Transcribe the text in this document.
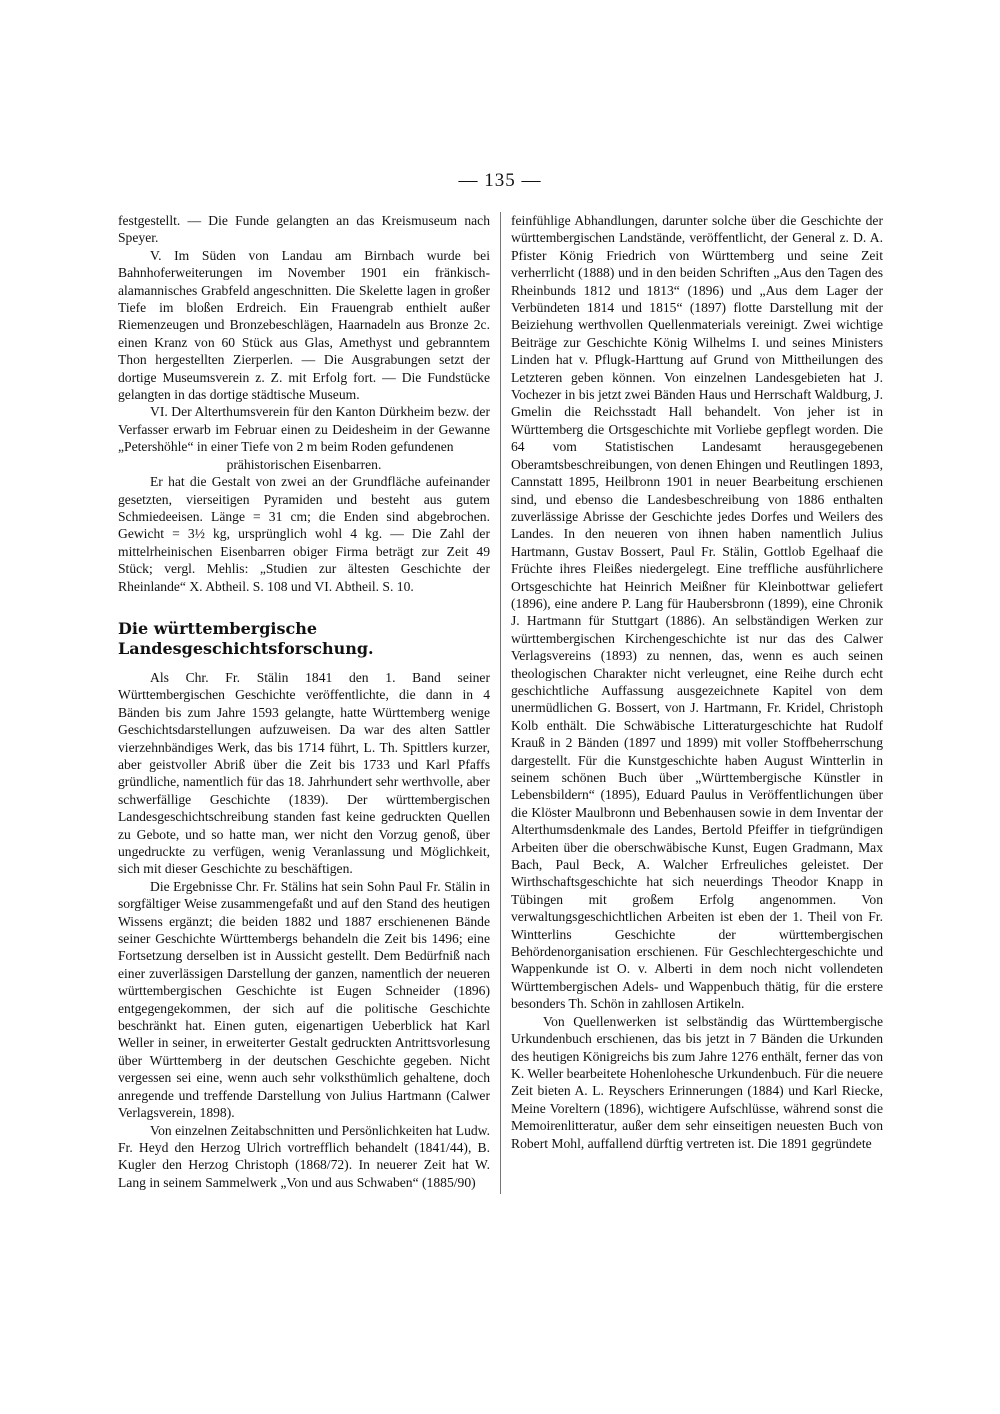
— 135 —

festgestellt. — Die Funde gelangten an das Kreismuseum nach Speyer.

V. Im Süden von Landau am Birnbach wurde bei Bahnhoferweiterungen im November 1901 ein fränkisch-alamannisches Grabfeld angeschnitten. Die Skelette lagen in großer Tiefe im bloßen Erdreich. Ein Frauengrab enthielt außer Riemenzeugen und Bronzebeschlägen, Haarnadeln aus Bronze 2c. einen Kranz von 60 Stück aus Glas, Amethyst und gebranntem Thon hergestellten Zierperlen. — Die Ausgrabungen setzt der dortige Museumsverein z. Z. mit Erfolg fort. — Die Fundstücke gelangten in das dortige städtische Museum.

VI. Der Alterthumsverein für den Kanton Dürkheim bezw. der Verfasser erwarb im Februar einen zu Deidesheim in der Gewanne „Petershöhle“ in einer Tiefe von 2 m beim Roden gefundenen

prähistorischen Eisenbarren.

Er hat die Gestalt von zwei an der Grundfläche aufeinander gesetzten, vierseitigen Pyramiden und besteht aus gutem Schmiedeeisen. Länge = 31 cm; die Enden sind abgebrochen. Gewicht = 3½ kg, ursprünglich wohl 4 kg. — Die Zahl der mittelrheinischen Eisenbarren obiger Firma beträgt zur Zeit 49 Stück; vergl. Mehlis: „Studien zur ältesten Geschichte der Rheinlande“ X. Abtheil. S. 108 und VI. Abtheil. S. 10.

Die württembergische Landesgeschichtsforschung.

Als Chr. Fr. Stälin 1841 den 1. Band seiner Württembergischen Geschichte veröffentlichte, die dann in 4 Bänden bis zum Jahre 1593 gelangte, hatte Württemberg wenige Geschichtsdarstellungen aufzuweisen. Da war des alten Sattler vierzehnbändiges Werk, das bis 1714 führt, L. Th. Spittlers kurzer, aber geistvoller Abriß über die Zeit bis 1733 und Karl Pfaffs gründliche, namentlich für das 18. Jahrhundert sehr werthvolle, aber schwerfällige Geschichte (1839). Der württembergischen Landesgeschichtschreibung standen fast keine gedruckten Quellen zu Gebote, und so hatte man, wer nicht den Vorzug genoß, über ungedruckte zu verfügen, wenig Veranlassung und Möglichkeit, sich mit dieser Geschichte zu beschäftigen.

Die Ergebnisse Chr. Fr. Stälins hat sein Sohn Paul Fr. Stälin in sorgfältiger Weise zusammengefaßt und auf den Stand des heutigen Wissens ergänzt; die beiden 1882 und 1887 erschienenen Bände seiner Geschichte Württembergs behandeln die Zeit bis 1496; eine Fortsetzung derselben ist in Aussicht gestellt. Dem Bedürfniß nach einer zuverlässigen Darstellung der ganzen, namentlich der neueren württembergischen Geschichte ist Eugen Schneider (1896) entgegengekommen, der sich auf die politische Geschichte beschränkt hat. Einen guten, eigenartigen Ueberblick hat Karl Weller in seiner, in erweiterter Gestalt gedruckten Antrittsvorlesung über Württemberg in der deutschen Geschichte gegeben. Nicht vergessen sei eine, wenn auch sehr volksthümlich gehaltene, doch anregende und treffende Darstellung von Julius Hartmann (Calwer Verlagsverein, 1898).

Von einzelnen Zeitabschnitten und Persönlichkeiten hat Ludw. Fr. Heyd den Herzog Ulrich vortrefflich behandelt (1841/44), B. Kugler den Herzog Christoph (1868/72). In neuerer Zeit hat W. Lang in seinem Sammelwerk „Von und aus Schwaben“ (1885/90)

feinfühlige Abhandlungen, darunter solche über die Geschichte der württembergischen Landstände, veröffentlicht, der General z. D. A. Pfister König Friedrich von Württemberg und seine Zeit verherrlicht (1888) und in den beiden Schriften „Aus den Tagen des Rheinbunds 1812 und 1813“ (1896) und „Aus dem Lager der Verbündeten 1814 und 1815“ (1897) flotte Darstellung mit der Beiziehung werthvollen Quellenmaterials vereinigt. Zwei wichtige Beiträge zur Geschichte König Wilhelms I. und seines Ministers Linden hat v. Pflugk-Harttung auf Grund von Mittheilungen des Letzteren geben können. Von einzelnen Landesgebieten hat J. Vochezer in bis jetzt zwei Bänden Haus und Herrschaft Waldburg, J. Gmelin die Reichsstadt Hall behandelt. Von jeher ist in Württemberg die Ortsgeschichte mit Vorliebe gepflegt worden. Die 64 vom Statistischen Landesamt herausgegebenen Oberamtsbeschreibungen, von denen Ehingen und Reutlingen 1893, Cannstatt 1895, Heilbronn 1901 in neuer Bearbeitung erschienen sind, und ebenso die Landesbeschreibung von 1886 enthalten zuverlässige Abrisse der Geschichte jedes Dorfes und Weilers des Landes. In den neueren von ihnen haben namentlich Julius Hartmann, Gustav Bossert, Paul Fr. Stälin, Gottlob Egelhaaf die Früchte ihres Fleißes niedergelegt. Eine treffliche ausführlichere Ortsgeschichte hat Heinrich Meißner für Kleinbottwar geliefert (1896), eine andere P. Lang für Haubersbronn (1899), eine Chronik J. Hartmann für Stuttgart (1886). An selbständigen Werken zur württembergischen Kirchengeschichte ist nur das des Calwer Verlagsvereins (1893) zu nennen, das, wenn es auch seinen theologischen Charakter nicht verleugnet, eine Reihe durch echt geschichtliche Auffassung ausgezeichnete Kapitel von dem unermüdlichen G. Bossert, von J. Hartmann, Fr. Kridel, Christoph Kolb enthält. Die Schwäbische Litteraturgeschichte hat Rudolf Krauß in 2 Bänden (1897 und 1899) mit voller Stoffbeherrschung dargestellt. Für die Kunstgeschichte haben August Wintterlin in seinem schönen Buch über „Württembergische Künstler in Lebensbildern“ (1895), Eduard Paulus in Veröffentlichungen über die Klöster Maulbronn und Bebenhausen sowie in dem Inventar der Alterthumsdenkmale des Landes, Bertold Pfeiffer in tiefgründigen Arbeiten über die oberschwäbische Kunst, Eugen Gradmann, Max Bach, Paul Beck, A. Walcher Erfreuliches geleistet. Der Wirthschaftsgeschichte hat sich neuerdings Theodor Knapp in Tübingen mit großem Erfolg angenommen. Von verwaltungsgeschichtlichen Arbeiten ist eben der 1. Theil von Fr. Wintterlins Geschichte der württembergischen Behördenorganisation erschienen. Für Geschlechtergeschichte und Wappenkunde ist O. v. Alberti in dem noch nicht vollendeten Württembergischen Adels- und Wappenbuch thätig, für die erstere besonders Th. Schön in zahllosen Artikeln.

Von Quellenwerken ist selbständig das Württembergische Urkundenbuch erschienen, das bis jetzt in 7 Bänden die Urkunden des heutigen Königreichs bis zum Jahre 1276 enthält, ferner das von K. Weller bearbeitete Hohenlohesche Urkundenbuch. Für die neuere Zeit bieten A. L. Reyschers Erinnerungen (1884) und Karl Riecke, Meine Voreltern (1896), wichtigere Aufschlüsse, während sonst die Memoirenlitteratur, außer dem sehr einseitigen neuesten Buch von Robert Mohl, auffallend dürftig vertreten ist. Die 1891 gegründete
